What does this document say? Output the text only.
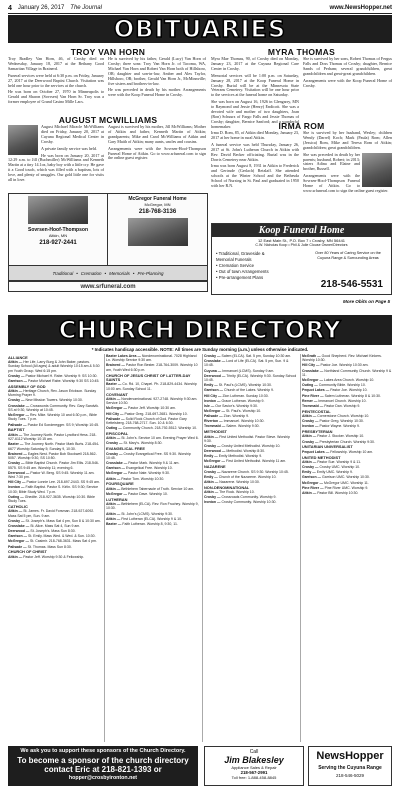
4 January 26, 2017 The Journal	www.NewsHopper.net
OBITUARIES

Troy Bradley Van Horn, 46, of Crosby died on Wednesday, January 18, 2017 at the Bethany Good Samaritan Village in Brainerd.

Funeral services were held at 6:30 p.m. on Friday, January 27, 2017 at the Deerwood Baptist Church. Visitation was held one hour prior to the services at the church.

He was born on October 27, 1970 in Minneapolis to Gerald and Sharon (Sovrsen) Van Horn Sr. Troy was a former employee of Grand Casino Mille Lacs.

TROY VAN HORN

He is survived by his father, Gerald (Lucy) Van Horn of Crosby; three sons: Troy Van Horn Jr. of Tacoma, WA, Michael Van Horn and Robert Van Horn both of Hillsboro, OR; daughter and son-in-law, Amber and Alex Taylor, Hillsboro, OR; brother, Gerald Van Horn Jr., McMinnville; five sisters and brothers-in-law.

He was preceded in death by his mother. Arrangements were with the Koop Funeral Home in Crosby.

AUGUST MCWILLIAMS

August Michael Miracle McWilliams died on Friday, January 20, 2017 at Cuyuna Regional Medical Center in Crosby.

A private family service was held.

He was born on January 20, 2017 at 12:29 a.m. to Jill (Buchmiller) McWilliams and Kenneth Martin at a tiny 14.1oz, baby boy with a little cry. He gave it a Good touch, which was filled with a baptism, lots of love, and plenty of snuggles. Our gold little one for visits all in love.

August is survived by his mother, Jill McWilliams; Mother of Aitkin and father, Kenneth Martin of Aitkin; grandparents; Mike and Carol McWilliams of Aitkin and Gary Maith of Aitkin; many aunts, uncles and cousins.

Arrangements were with the Sovrsen-Hoof-Thompson Funeral Home of Aitkin. Go to www.srfuneral.com to sign the online guest register.

Sovrsen-Hoof-Thompson
Aitkin, MN
218-927-2441
McGregor Funeral Home
McGregor, MN
218-768-3136
Traditional • Cremation • Memorials • Pre-Planning
www.srfuneral.com
MYRA THOMAS

Myra Mae Thomas, 90, of Crosby died on Monday, January 23, 2017 at the Cuyuna Regional Care Center in Crosby.

Memorial services will be 1:00 p.m. on Saturday, January 28, 2017 at the Koop Funeral Home in Crosby. Burial will be at the Minnesota State Veterans Cemetery. Visitation will be one hour prior to the services at the funeral home on Saturday.

She was born on August 16, 1926 in Glengarry, MN to Raymond and Jessie (Henry) Endicott. She was a devoted wife and mother of two daughters, Joan (Ron) Schuurz of Fargo Falls and Jessie Thomas of Crosby; daughter, Bernice Sanford; and a wonderful homemaker.

She is survived by her sons, Robert Thomas of Fergus Falls and Doss Thomas of Crosby; daughter, Bernice Sands of Perham; several grandchildren, great grandchildren and great-great grandchildren.

Arrangements were with the Koop Funeral Home of Crosby.

IRMA ROM

Irma D. Rom, 85, of Aitkin died Monday, January 23, 2017 at her home in rural Aitkin.

A funeral service was held Thursday, January 26, 2017 at St. John's Lutheran Church in Aitkin with Rev. David Becker officiating. Burial was in the Dorris Cemetery near Aitkin.

Irma was born August 8, 1931 in Aitkin to Frederick and Gertrude (Gerlach) Retzlaff. She attended schools at the Winter School and the Bethesda School of Nursing in St. Paul and graduated in 1950 with her R.N.

She is survived by her husband, Wesley; children Wendy (Darrel) Koch; Mark (Paula) Rom; Allen (Jessica) Rom, Mike and Teresa Rom of Aitkin; grandchildren; great grandchildren.

She was preceded in death by her parents; husband, Robert; in 2013; sisters Adina and Elaine and brother, Russell.

Arrangements were with the Sovrsen-Hoof-Thompson Funeral Home of Aitkin. Go to www.srfuneral.com to sign the online guest register.

Koop Funeral Home
12 East Main St., P.O. Box 7 • Crosby, MN 56441
C.W. Nicholas Koop • Phil & Julie Clouse Owner/Directors
• Traditional, Graveside &
Memorial Funerals
• Cremation Service
• Out of town Arrangements
• Pre-arrangement Plans
Over 80 Years of Caring Service on the Cuyuna Range & Surrounding Areas
218-546-5531
More Obits on Page 5
CHURCH DIRECTORY
* Indicates handicap accessible. NOTE: All times are Sunday morning (a.m.) unless otherwise indicated.
ALLIANCE
Aitkin — Her Life, Larry Burg & John Baker, pastors. Sunday School (All ages) & adult Worship 10:15 am & 5:30 pm Youth Group. Wed 6:15 pm.
Crosby — Pastor Michael H. Rabe. Worship 9: SS 10:30.
Garrison — Pastor Michael Rabe. Worship 9:30 SS 10:45.
ASSEMBLY OF GOD
Aitkin — Heritage Church, Rev. Jason Erickson. Sunday Morning Prayer 9.
Crosby — New Mission Towers. Worship 10:30.
Crosslake — Crosswords Community. Rev. Gary Sandvik. SS at 9:30, Worship at 10:45.
McGregor — Rev. Mike. Worship 10 and 6:30 p.m., Bible Study Tues. 7 p.m.
Palisade — Pastor Ed Sonderegger. SS 9; Worship 10:45.
BAPTIST
Aitkin — The Journey North. Pastor Lyndford Hess. 218-927-6112 Worship 10:15 am.
Baxter — The Journey North. Pastor Mark Burts. 218-454-6677 Worship Saturday 5; Sunday 9, 10:30.
Brainerd — Eagles Nest. Pastor Bob Stockwell 218-562-5057. Worship 9:30, SS 10:50.
Crosby — Bible Baptist Church. Pastor Jim Ellis. 218-546-5575. SS 9:45 am. Worship 11; evening 6.
Deerwood — Pastor W. Berg. SS 9:45. Worship 11 am. Wed 7:30 pm.
Hill City — Pastor Lonnie Lee. 218-697-2443. SS 9:45 am.
Ironton — Faith Baptist. Pastor S. Kirlin. SS 9:30; Service 10:30; Bible Study Wed. 7 p.m.
Outing — Ghedite. 218-927-3635. Worship 10:30. Bible Study Tues.
CATHOLIC
Aitkin — St. James. Fr. David Forsman. 218-927-6092. Mass Sat 5 pm, Sun. 9 am.
Crosby — St. Joseph's. Mass Sat 4 pm, Sun 8 & 10:30 am.
Crosslake — St. Alice. Mass Sat 4, Sun 9 am.
Deerwood — St. Joseph's. Mass Sun 8:30.
Garrison — St. Emily. Mass Wed. & Wed. & Sun. 10:30.
McGregor — St. Casimir. 218-768-3631. Mass Sat 4 pm.
Palisade — St. Thomas. Mass Sun 8:30.
CHURCH OF CHRIST
Aitkin — Pastor Jeff. Worship 9:30 & Fellowship.
Baxter Lakes Area — Nondenominational. 7028 Highland Ln. Worship Service 9:30 am.
Brainerd — Pastor Ron Bester. 218-764-3009. Worship 10 am, Youth Wed 6:30 p.m.
CHURCH OF JESUS CHRIST OF LATTER-DAY SAINTS
Baxter — Co. Rd. 10, Chapel. Ph. 218-829-4434. Worship 10:00 am. Sunday School 11.
COVENANT
Aitkin — Nondenominational. 927-2748. Worship 9:30 am. Service 10:30.
McGregor — Pastor Jeff. Worship 10:30 am.
Hill City — Pastor Greg. 218-697-2681. Worship 10.
Palisade — Solid Rock Church of God. Pastor Gary Kettelsberg. 218-768-2717. Sun. 10 & 6:30.
Outing — Community Church. 218-792-5512. Worship 10.
EPISCOPAL
Aitkin — St. John's. Service 10 am. Evening Prayer Wed 6.
Crosby — St. Mary's. Worship 8:30.
EVANGELICAL FREE
Crosby — Crosby Evangelical Free. SS 9:30. Worship 10:45.
Crosslake — Pastor Mark. Worship 9 & 11 am.
Garrison — Evangelical Free. Worship 10.
McGregor — Pastor Nate. Worship 9:30.
Aitkin — Pastor Tom. Worship 10:30.
FOURSQUARE
Aitkin — Bethlehem Tabernacle of Truth. Service 10 am.
McGregor — Pastor Dave. Worship 10.
LUTHERAN
Aitkin — Bethlehem (ELCA). Rev. Ron Fruchey. Worship 9, 10:30.
Aitkin — St. John's (LCMS). Worship 9:30.
Aitkin — First Lutheran (ELCA). Worship 9 & 10.
Baxter — Faith Lutheran. Worship 8, 9:30, 11.
Crosby — Salem (ELCA). Sat. 5 pm, Sunday 10:30 am.
Crosslake — Lord of Life (ELCA). Sat. 5 pm, Sun. 9 & 10:45.
Cuyuna — Immanuel (LCMS). Sunday 9 am.
Deerwood — Trinity (ELCA). Worship 9:30. Sunday School 10:45.
Emily — St. Paul's (LCMS). Worship 10:30.
Garrison — Church of the Lakes. Worship 9.
Hill City — Zion Lutheran. Sunday 10:30.
Ironton — Grace Lutheran. Worship 9.
Isle — Our Savior's. Worship 9:30.
McGregor — St. Paul's. Worship 10.
Palisade — Zion. Worship 9.
Riverton — Immanuel. Worship 10:30.
Trommald — Salem. Worship 9:30.
METHODIST
Aitkin — First United Methodist. Pastor Steve. Worship 9:30.
Crosby — Crosby United Methodist. Worship 10.
Deerwood — Methodist. Worship 8:30.
Emily — Emily Methodist. Worship 9.
McGregor — First United Methodist. Worship 11 am.
NAZARENE
Crosby — Nazarene Church. SS 9:30. Worship 10:45.
Emily — Church of the Nazarene. Worship 10.
Aitkin — Nazarene. Worship 10:30.
NON-DENOMINATIONAL
Aitkin — The Rock. Worship 10.
Crosby — Crossroads Community. Worship 9.
Ironton — Crosby Community. Worship 10:30.
McGrath — Good Shepherd. Rev. Michael Kinkers. Worship 10:30.
Hill City — Pastor Joe. Worship 10:30 am.
Crosslake — Northland Community Church. Worship 9 & 11.
McGregor — Lakes Area Church. Worship 10.
Outing — Community Bible. Worship 10.
Pequot Lakes — Pastor Joe. Worship 10.
Pine River — Salem Lutheran. Worship 8 & 10:30.
Remer — Immanuel Church. Worship 10.
Trommald — Pastor Dan. Worship 9.
PENTECOSTAL
Aitkin — Cornerstone Church. Worship 10.
Crosby — Pastor Greg. Worship 10:30.
Ironton — Pastor Wayne. Worship 9.
PRESBYTERIAN
Aitkin — Pastor J. Stocker. Worship 10.
Crosby — Presbyterian Church. Worship 9:30.
UNITARIAN UNIVERSALIST
Pequot Lakes — Fellowship. Worship 10 am.
UNITED METHODIST
Aitkin — Pastor Sue. Worship 9 & 11.
Crosby — Crosby UMC. Worship 10.
Emily — Emily UMC. Worship 9.
Garrison — Garrison UMC. Worship 10:30.
McGregor — McGregor UMC. Worship 11.
Pine River — Pine River UMC. Worship 9.
Aitkin — Pastor Bill. Worship 10:30.
We ask you to support these sponsors of the Church Directory.
To become a sponsor of the church directory contact Eric at 218-821-1393 or
hopper@crosbyironton.net
Call
Jim Blakesley
Appliance Sales & Repair
218-567-2991
Toll free: 1-888-458-8845
NewsHopper
Serving the Cuyuna Range
218-546-5029
